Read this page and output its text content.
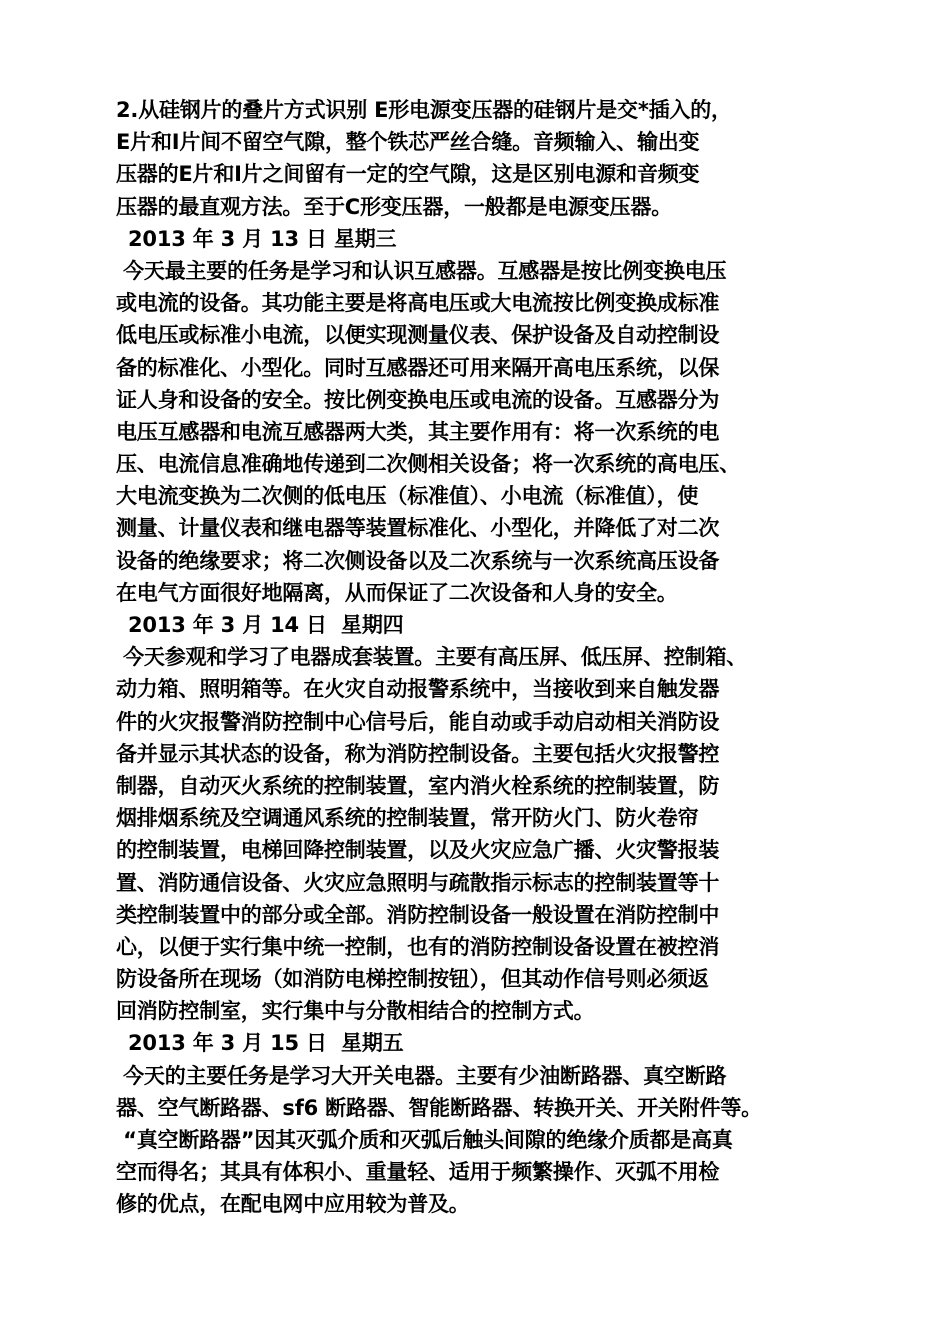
2.从硅钢片的叠片方式识别 E形电源变压器的硅钢片是交*插入的，
E片和I片间不留空气隙，整个铁芯严丝合缝。音频输入、输出变
压器的E片和I片之间留有一定的空气隙，这是区别电源和音频变
压器的最直观方法。至于C形变压器，一般都是电源变压器。
2013 年 3 月 13 日 星期三
今天最主要的任务是学习和认识互感器。互感器是按比例变换电压
或电流的设备。其功能主要是将高电压或大电流按比例变换成标准
低电压或标准小电流，以便实现测量仪表、保护设备及自动控制设
备的标准化、小型化。同时互感器还可用来隔开高电压系统，以保
证人身和设备的安全。按比例变换电压或电流的设备。互感器分为
电压互感器和电流互感器两大类，其主要作用有：将一次系统的电
压、电流信息准确地传递到二次侧相关设备；将一次系统的高电压、
大电流变换为二次侧的低电压（标准值）、小电流（标准值），使
测量、计量仪表和继电器等装置标准化、小型化，并降低了对二次
设备的绝缘要求；将二次侧设备以及二次系统与一次系统高压设备
在电气方面很好地隔离，从而保证了二次设备和人身的安全。
2013 年 3 月 14 日  星期四
今天参观和学习了电器成套装置。主要有高压屏、低压屏、控制箱、
动力箱、照明箱等。在火灾自动报警系统中，当接收到来自触发器
件的火灾报警消防控制中心信号后，能自动或手动启动相关消防设
备并显示其状态的设备，称为消防控制设备。主要包括火灾报警控
制器，自动灭火系统的控制装置，室内消火栓系统的控制装置，防
烟排烟系统及空调通风系统的控制装置，常开防火门、防火卷帘
的控制装置，电梯回降控制装置，以及火灾应急广播、火灾警报装
置、消防通信设备、火灾应急照明与疏散指示标志的控制装置等十
类控制装置中的部分或全部。消防控制设备一般设置在消防控制中
心，以便于实行集中统一控制，也有的消防控制设备设置在被控消
防设备所在现场（如消防电梯控制按钮），但其动作信号则必须返
回消防控制室，实行集中与分散相结合的控制方式。
2013 年 3 月 15 日  星期五
今天的主要任务是学习大开关电器。主要有少油断路器、真空断路
器、空气断路器、sf6 断路器、智能断路器、转换开关、开关附件等。
“真空断路器”因其灭弧介质和灭弧后触头间隙的绝缘介质都是高真
空而得名；其具有体积小、重量轻、适用于频繁操作、灭弧不用检
修的优点，在配电网中应用较为普及。
